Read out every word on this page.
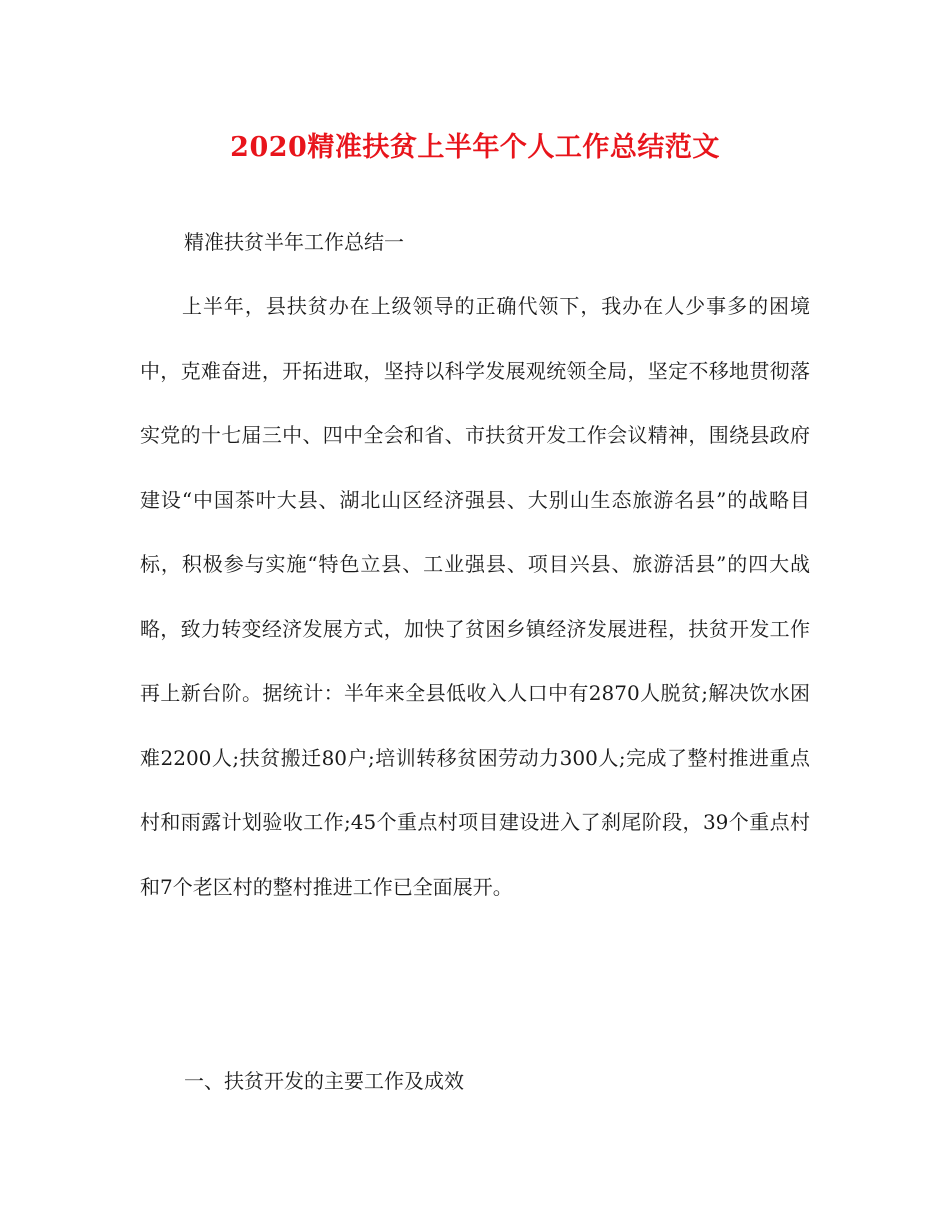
2020精准扶贫上半年个人工作总结范文

精准扶贫半年工作总结一

上半年，县扶贫办在上级领导的正确代领下，我办在人少事多的困境中，克难奋进，开拓进取，坚持以科学发展观统领全局，坚定不移地贯彻落实党的十七届三中、四中全会和省、市扶贫开发工作会议精神，围绕县政府建设“中国茶叶大县、湖北山区经济强县、大别山生态旅游名县”的战略目标，积极参与实施“特色立县、工业强县、项目兴县、旅游活县”的四大战略，致力转变经济发展方式，加快了贫困乡镇经济发展进程，扶贫开发工作再上新台阶。据统计：半年来全县低收入人口中有2870人脱贫;解决饮水困难2200人;扶贫搬迁80户;培训转移贫困劳动力300人;完成了整村推进重点村和雨露计划验收工作;45个重点村项目建设进入了刹尾阶段，39个重点村和7个老区村的整村推进工作已全面展开。

一、扶贫开发的主要工作及成效
